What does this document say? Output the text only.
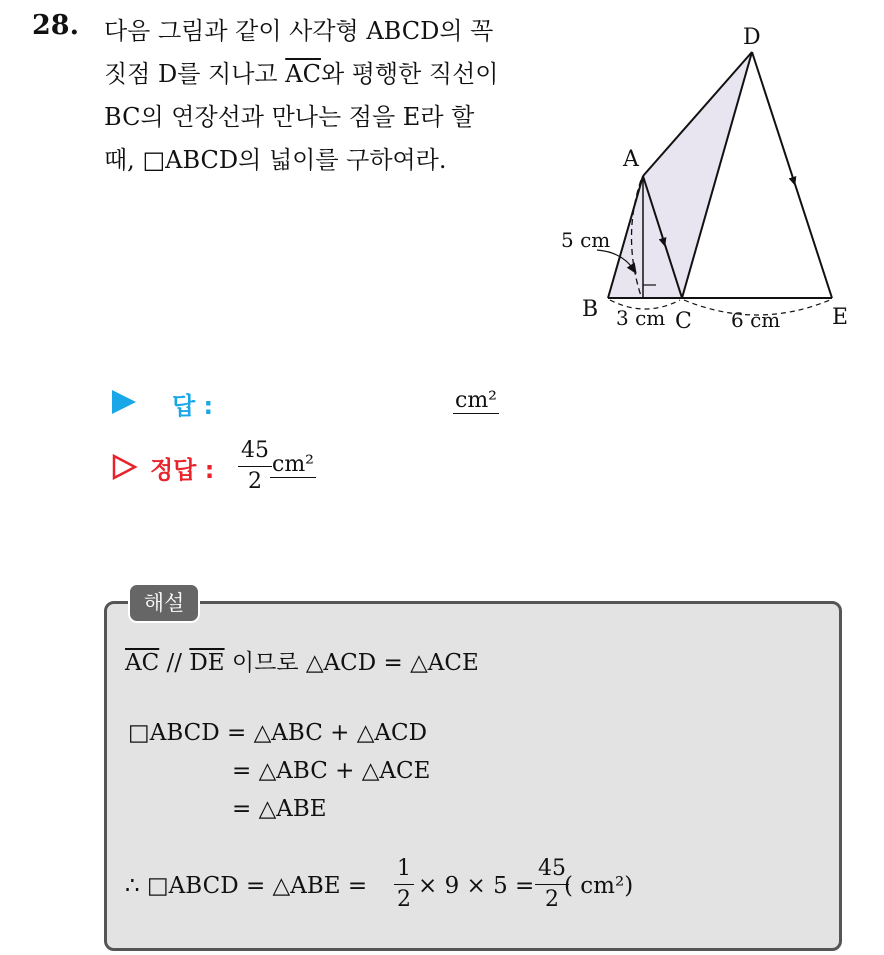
28. 다음 그림과 같이 사각형 ABCD의 꼭
짓점 D를 지나고 $\overline{AC}$와 평행한 직선이
BC의 연장선과 만나는 점을 E라 할
때, □ABCD의 넓이를 구하여라.
D
A
B	C	E
5 cm
3 cm	6 cm
답 :	cm²
정답 : $\frac{45}{2} cm^2$
해설
$\overline{AC} // \overline{DE}$ 이므로 △ACD = △ACE
□ABCD = △ABC + △ACD
= △ABC + △ACE
= △ABE
∴ □ABCD = △ABE = $\frac{1}{2} \times 9 \times 5 = \frac{45}{2}$
( cm²)
